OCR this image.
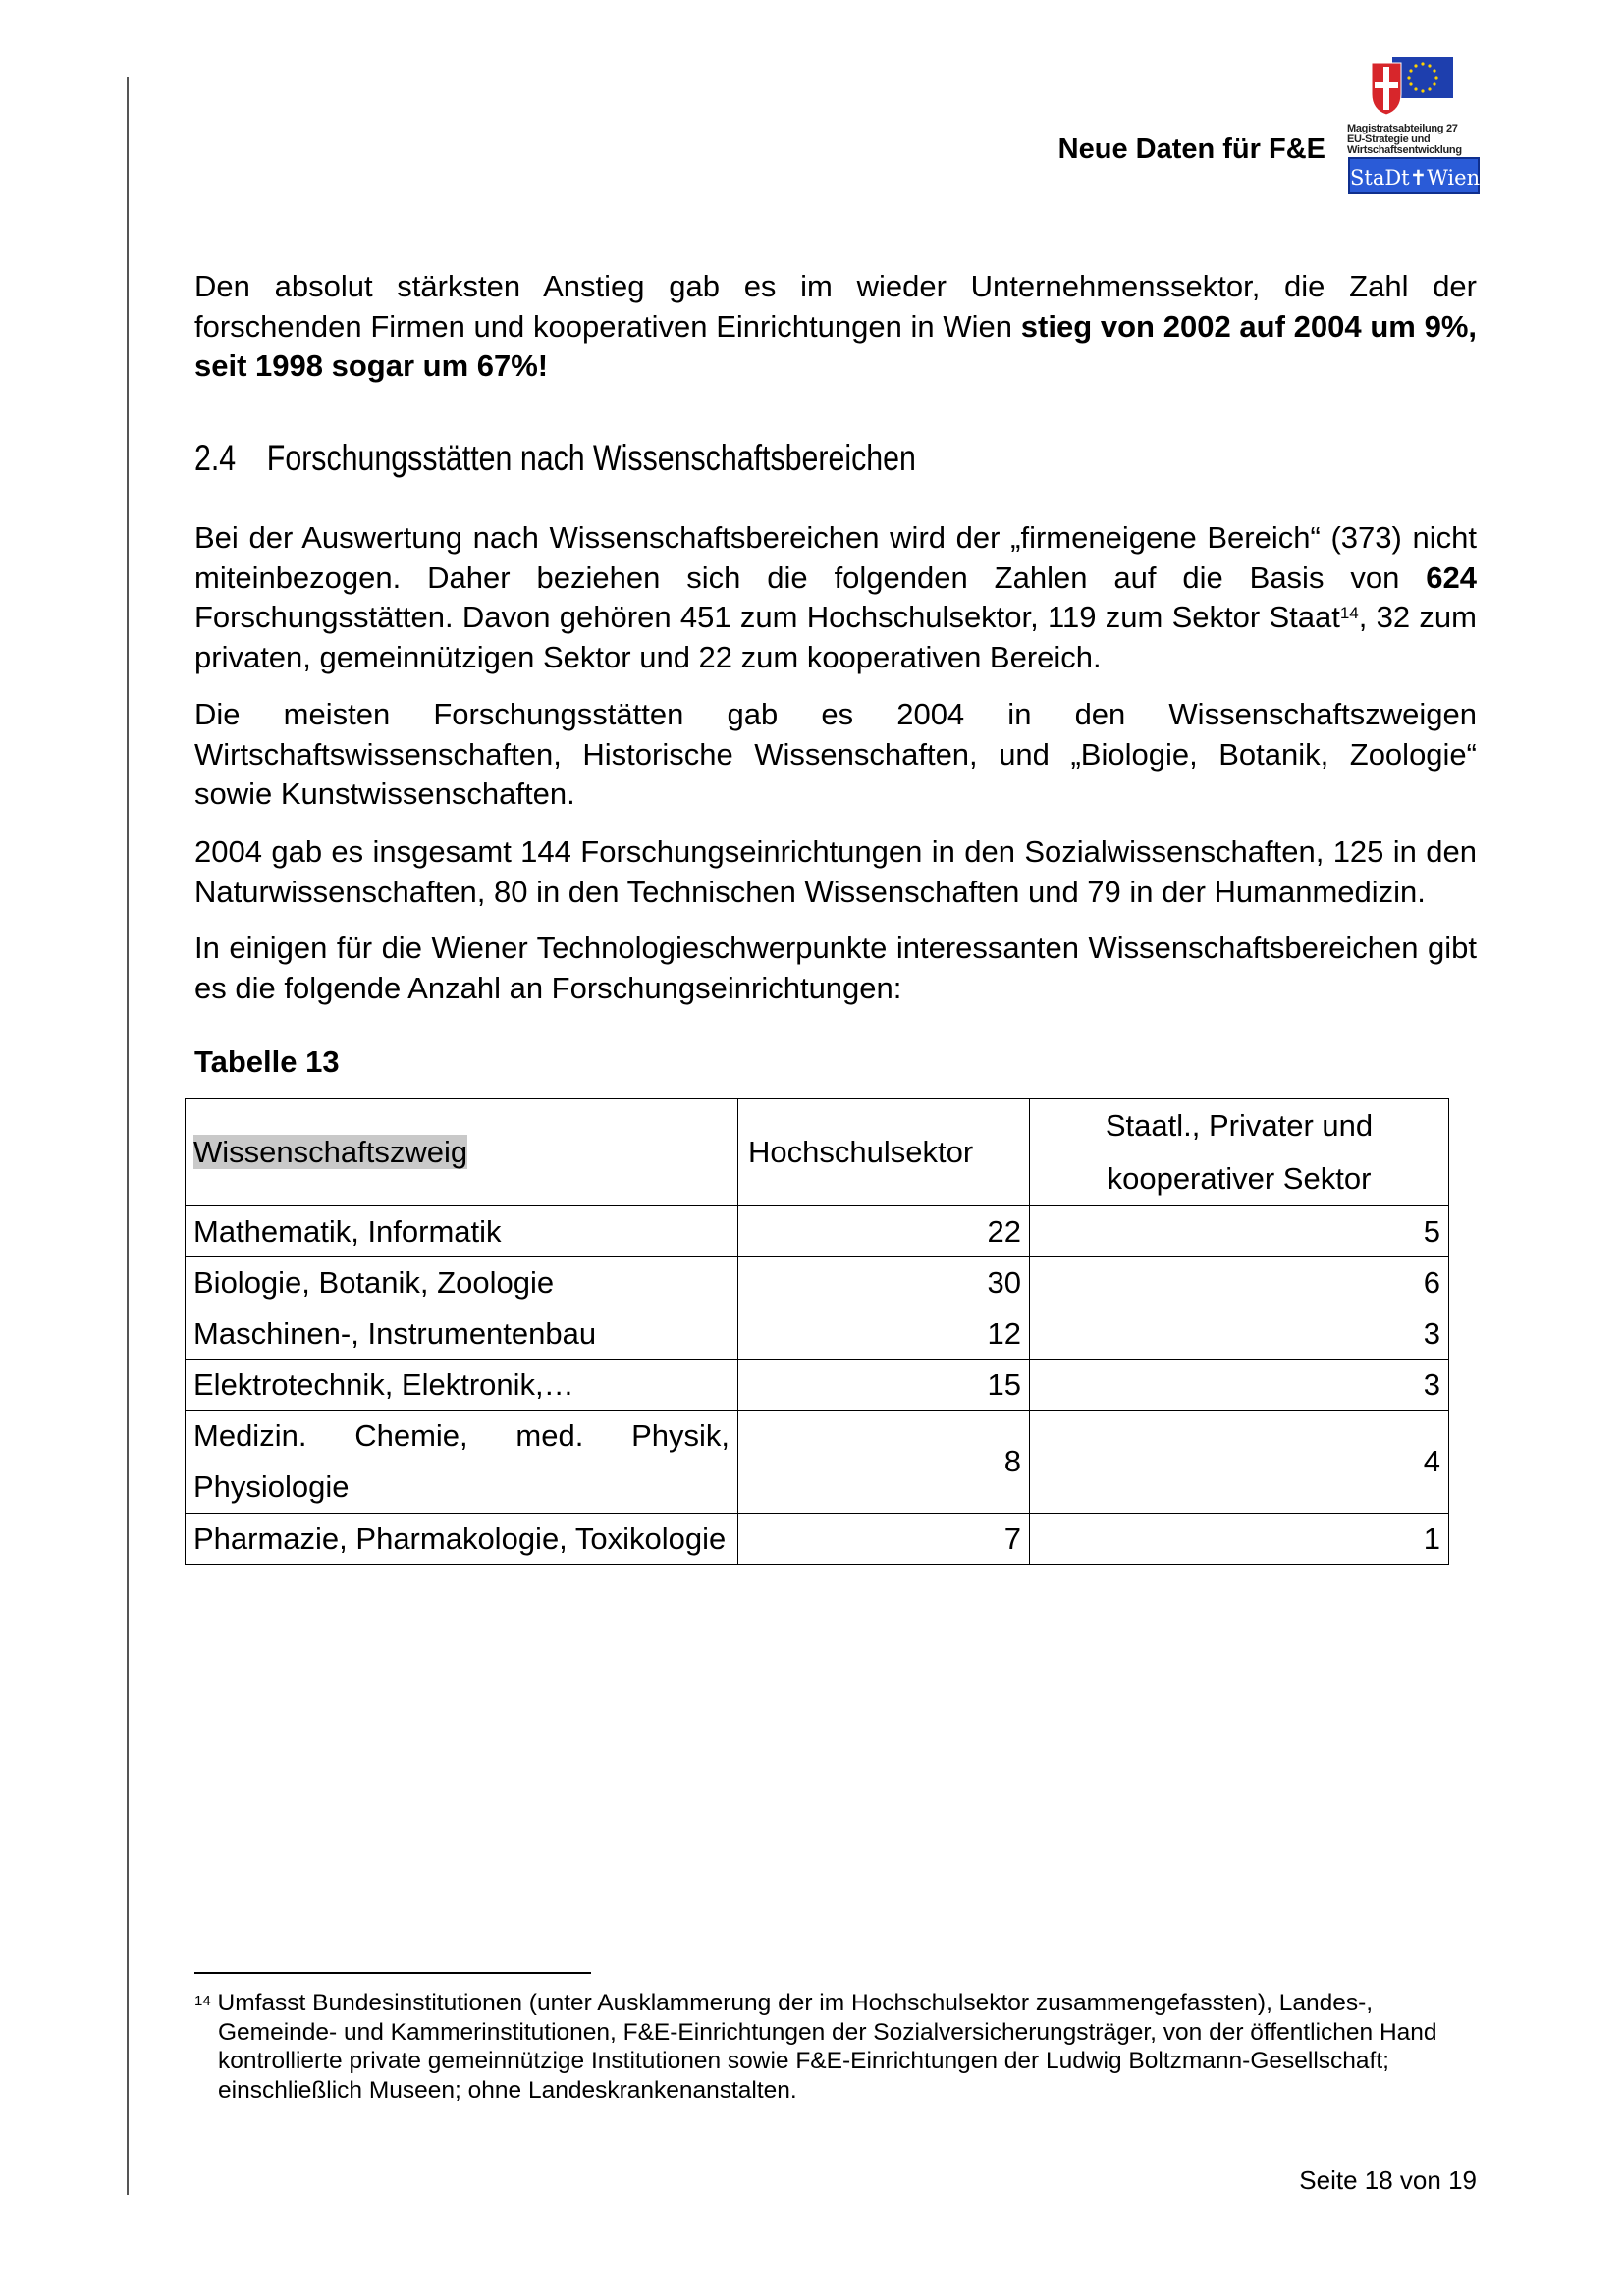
Neue Daten für F&E
Magistratsabteilung 27
EU-Strategie und
Wirtschaftsentwicklung
StaDt✝Wien
Den absolut stärksten Anstieg gab es im wieder Unternehmenssektor, die Zahl der forschenden Firmen und kooperativen Einrichtungen in Wien stieg von 2002 auf 2004 um 9%, seit 1998 sogar um 67%!
2.4 Forschungsstätten nach Wissenschaftsbereichen
Bei der Auswertung nach Wissenschaftsbereichen wird der „firmeneigene Bereich“ (373) nicht miteinbezogen. Daher beziehen sich die folgenden Zahlen auf die Basis von 624 Forschungsstätten. Davon gehören 451 zum Hochschulsektor, 119 zum Sektor Staat$^{14}$, 32 zum privaten, gemeinnützigen Sektor und 22 zum kooperativen Bereich.
Die meisten Forschungsstätten gab es 2004 in den Wissenschaftszweigen Wirtschaftswissenschaften, Historische Wissenschaften, und „Biologie, Botanik, Zoologie“ sowie Kunstwissenschaften.
2004 gab es insgesamt 144 Forschungseinrichtungen in den Sozialwissenschaften, 125 in den Naturwissenschaften, 80 in den Technischen Wissenschaften und 79 in der Humanmedizin.
In einigen für die Wiener Technologieschwerpunkte interessanten Wissenschaftsbereichen gibt es die folgende Anzahl an Forschungseinrichtungen:
Tabelle 13
Wissenschaftszweig	Hochschulsektor	Staatl., Privater und
kooperativer Sektor
Mathematik, Informatik	22	5
Biologie, Botanik, Zoologie	30	6
Maschinen-, Instrumentenbau	12	3
Elektrotechnik, Elektronik,…	15	3

Medizin. Chemie, med. Physik,
Physiologie	8	4
Pharmazie, Pharmakologie, Toxikologie	7	1
$^{14}$ Umfasst Bundesinstitutionen (unter Ausklammerung der im Hochschulsektor zusammengefassten), Landes-,
Gemeinde- und Kammerinstitutionen, F&E-Einrichtungen der Sozialversicherungsträger, von der öffentlichen Hand
kontrollierte private gemeinnützige Institutionen sowie F&E-Einrichtungen der Ludwig Boltzmann-Gesellschaft;
einschließlich Museen; ohne Landeskrankenanstalten.
Seite 18 von 19
